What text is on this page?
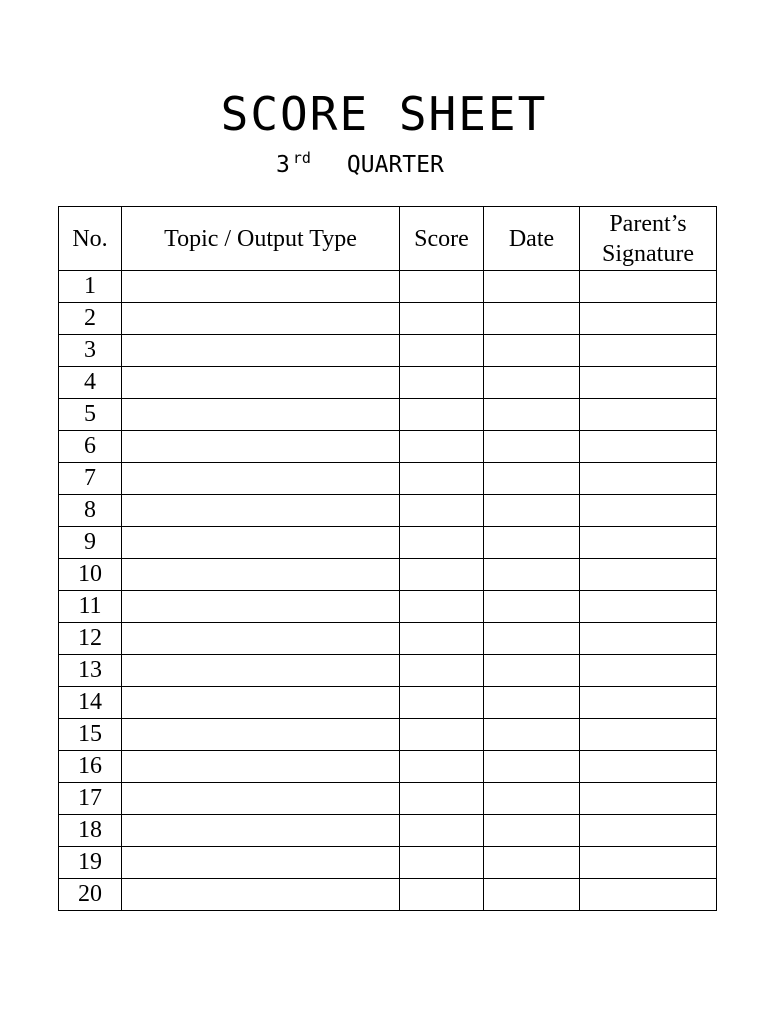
SCORE SHEET
3 $^{rd}$ QUARTER
No.	Topic / Output Type	Score	Date	Parent’s Signature
1				
2				
3				
4				
5				
6				
7				
8				
9				
10				
11				
12				
13				
14				
15				
16				
17				
18				
19				
20				
